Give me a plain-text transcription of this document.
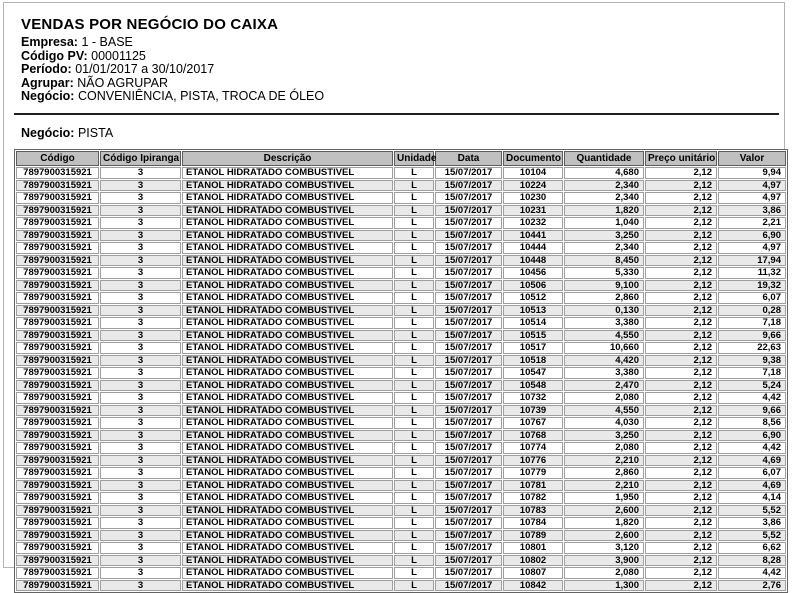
VENDAS POR NEGÓCIO DO CAIXA
Empresa: 1 - BASE
Código PV: 00001125
Período: 01/01/2017 a 30/10/2017
Agrupar: NÃO AGRUPAR
Negócio: CONVENIÊNCIA, PISTA, TROCA DE ÓLEO
Negócio: PISTA
Código	Código Ipiranga	Descrição	Unidade	Data	Documento	Quantidade	Preço unitário	Valor
7897900315921	3	ETANOL HIDRATADO COMBUSTIVEL	L	15/07/2017	10104	4,680	2,12	9,94
7897900315921	3	ETANOL HIDRATADO COMBUSTIVEL	L	15/07/2017	10224	2,340	2,12	4,97
7897900315921	3	ETANOL HIDRATADO COMBUSTIVEL	L	15/07/2017	10230	2,340	2,12	4,97
7897900315921	3	ETANOL HIDRATADO COMBUSTIVEL	L	15/07/2017	10231	1,820	2,12	3,86
7897900315921	3	ETANOL HIDRATADO COMBUSTIVEL	L	15/07/2017	10232	1,040	2,12	2,21
7897900315921	3	ETANOL HIDRATADO COMBUSTIVEL	L	15/07/2017	10441	3,250	2,12	6,90
7897900315921	3	ETANOL HIDRATADO COMBUSTIVEL	L	15/07/2017	10444	2,340	2,12	4,97
7897900315921	3	ETANOL HIDRATADO COMBUSTIVEL	L	15/07/2017	10448	8,450	2,12	17,94
7897900315921	3	ETANOL HIDRATADO COMBUSTIVEL	L	15/07/2017	10456	5,330	2,12	11,32
7897900315921	3	ETANOL HIDRATADO COMBUSTIVEL	L	15/07/2017	10506	9,100	2,12	19,32
7897900315921	3	ETANOL HIDRATADO COMBUSTIVEL	L	15/07/2017	10512	2,860	2,12	6,07
7897900315921	3	ETANOL HIDRATADO COMBUSTIVEL	L	15/07/2017	10513	0,130	2,12	0,28
7897900315921	3	ETANOL HIDRATADO COMBUSTIVEL	L	15/07/2017	10514	3,380	2,12	7,18
7897900315921	3	ETANOL HIDRATADO COMBUSTIVEL	L	15/07/2017	10515	4,550	2,12	9,66
7897900315921	3	ETANOL HIDRATADO COMBUSTIVEL	L	15/07/2017	10517	10,660	2,12	22,63
7897900315921	3	ETANOL HIDRATADO COMBUSTIVEL	L	15/07/2017	10518	4,420	2,12	9,38
7897900315921	3	ETANOL HIDRATADO COMBUSTIVEL	L	15/07/2017	10547	3,380	2,12	7,18
7897900315921	3	ETANOL HIDRATADO COMBUSTIVEL	L	15/07/2017	10548	2,470	2,12	5,24
7897900315921	3	ETANOL HIDRATADO COMBUSTIVEL	L	15/07/2017	10732	2,080	2,12	4,42
7897900315921	3	ETANOL HIDRATADO COMBUSTIVEL	L	15/07/2017	10739	4,550	2,12	9,66
7897900315921	3	ETANOL HIDRATADO COMBUSTIVEL	L	15/07/2017	10767	4,030	2,12	8,56
7897900315921	3	ETANOL HIDRATADO COMBUSTIVEL	L	15/07/2017	10768	3,250	2,12	6,90
7897900315921	3	ETANOL HIDRATADO COMBUSTIVEL	L	15/07/2017	10774	2,080	2,12	4,42
7897900315921	3	ETANOL HIDRATADO COMBUSTIVEL	L	15/07/2017	10776	2,210	2,12	4,69
7897900315921	3	ETANOL HIDRATADO COMBUSTIVEL	L	15/07/2017	10779	2,860	2,12	6,07
7897900315921	3	ETANOL HIDRATADO COMBUSTIVEL	L	15/07/2017	10781	2,210	2,12	4,69
7897900315921	3	ETANOL HIDRATADO COMBUSTIVEL	L	15/07/2017	10782	1,950	2,12	4,14
7897900315921	3	ETANOL HIDRATADO COMBUSTIVEL	L	15/07/2017	10783	2,600	2,12	5,52
7897900315921	3	ETANOL HIDRATADO COMBUSTIVEL	L	15/07/2017	10784	1,820	2,12	3,86
7897900315921	3	ETANOL HIDRATADO COMBUSTIVEL	L	15/07/2017	10789	2,600	2,12	5,52
7897900315921	3	ETANOL HIDRATADO COMBUSTIVEL	L	15/07/2017	10801	3,120	2,12	6,62
7897900315921	3	ETANOL HIDRATADO COMBUSTIVEL	L	15/07/2017	10802	3,900	2,12	8,28
7897900315921	3	ETANOL HIDRATADO COMBUSTIVEL	L	15/07/2017	10807	2,080	2,12	4,42
7897900315921	3	ETANOL HIDRATADO COMBUSTIVEL	L	15/07/2017	10842	1,300	2,12	2,76
